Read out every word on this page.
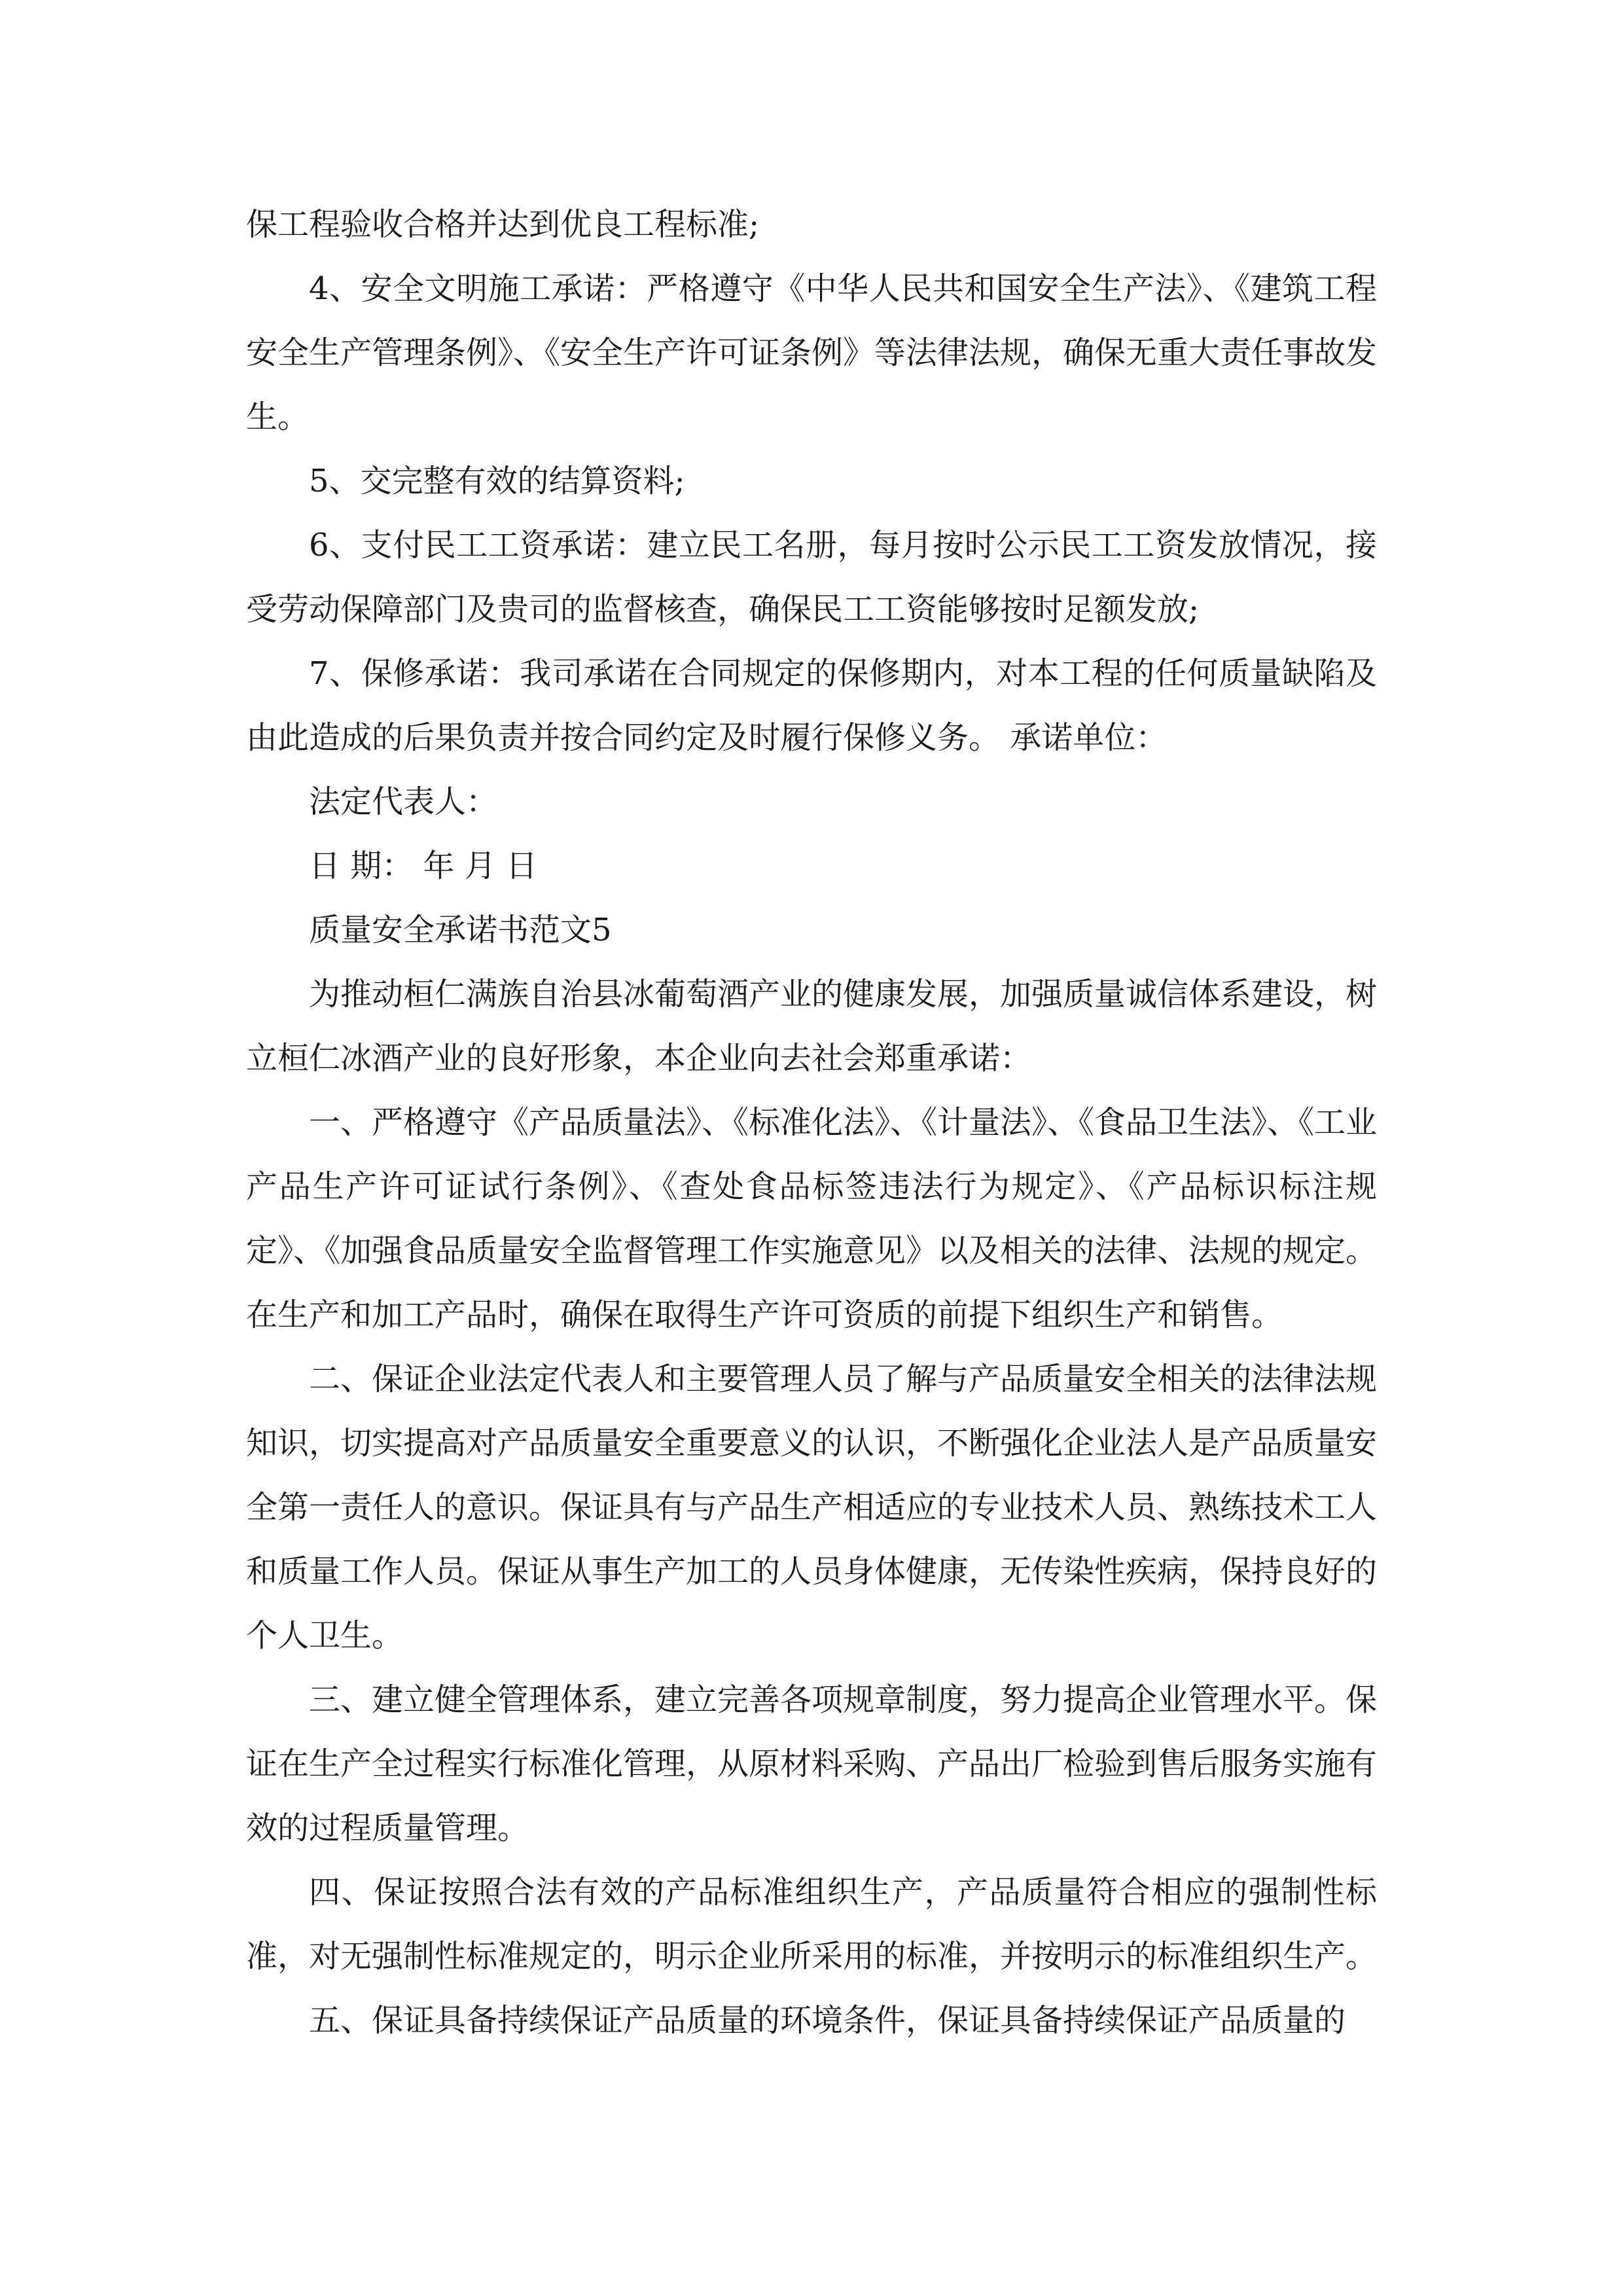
保工程验收合格并达到优良工程标准;

4、安全文明施工承诺：严格遵守《中华人民共和国安全生产法》、《建筑工程安全生产管理条例》、《安全生产许可证条例》等法律法规，确保无重大责任事故发生。

5、交完整有效的结算资料;

6、支付民工工资承诺：建立民工名册，每月按时公示民工工资发放情况，接受劳动保障部门及贵司的监督核查，确保民工工资能够按时足额发放;

7、保修承诺：我司承诺在合同规定的保修期内，对本工程的任何质量缺陷及由此造成的后果负责并按合同约定及时履行保修义务。 承诺单位：

法定代表人：

日 期： 年 月 日

质量安全承诺书范文5

为推动桓仁满族自治县冰葡萄酒产业的健康发展，加强质量诚信体系建设，树立桓仁冰酒产业的良好形象，本企业向去社会郑重承诺：

一、严格遵守《产品质量法》、《标准化法》、《计量法》、《食品卫生法》、《工业产品生产许可证试行条例》、《查处食品标签违法行为规定》、《产品标识标注规定》、《加强食品质量安全监督管理工作实施意见》以及相关的法律、法规的规定。在生产和加工产品时，确保在取得生产许可资质的前提下组织生产和销售。

二、保证企业法定代表人和主要管理人员了解与产品质量安全相关的法律法规知识，切实提高对产品质量安全重要意义的认识，不断强化企业法人是产品质量安全第一责任人的意识。保证具有与产品生产相适应的专业技术人员、熟练技术工人和质量工作人员。保证从事生产加工的人员身体健康，无传染性疾病，保持良好的个人卫生。

三、建立健全管理体系，建立完善各项规章制度，努力提高企业管理水平。保证在生产全过程实行标准化管理，从原材料采购、产品出厂检验到售后服务实施有效的过程质量管理。

四、保证按照合法有效的产品标准组织生产，产品质量符合相应的强制性标准，对无强制性标准规定的，明示企业所采用的标准，并按明示的标准组织生产。

五、保证具备持续保证产品质量的环境条件，保证具备持续保证产品质量的
